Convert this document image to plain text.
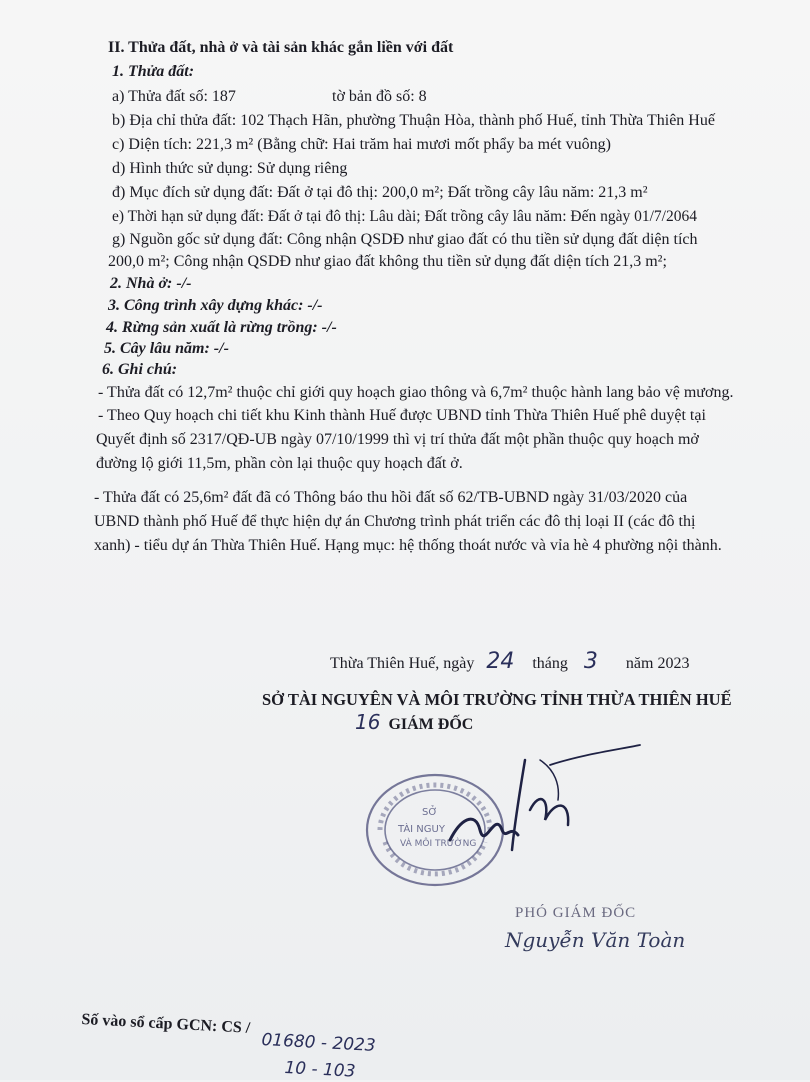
II. Thửa đất, nhà ở và tài sản khác gắn liền với đất
1. Thửa đất:
a) Thửa đất số: 187	tờ bản đồ số: 8
b) Địa chỉ thửa đất: 102 Thạch Hãn, phường Thuận Hòa, thành phố Huế, tỉnh Thừa Thiên Huế
c) Diện tích: 221,3 m² (Bằng chữ: Hai trăm hai mươi mốt phẩy ba mét vuông)
d) Hình thức sử dụng: Sử dụng riêng
đ) Mục đích sử dụng đất: Đất ở tại đô thị: 200,0 m²; Đất trồng cây lâu năm: 21,3 m²
e) Thời hạn sử dụng đất: Đất ở tại đô thị: Lâu dài; Đất trồng cây lâu năm: Đến ngày 01/7/2064
g) Nguồn gốc sử dụng đất: Công nhận QSDĐ như giao đất có thu tiền sử dụng đất diện tích
200,0 m²; Công nhận QSDĐ như giao đất không thu tiền sử dụng đất diện tích 21,3 m²;
2. Nhà ở: -/-
3. Công trình xây dựng khác: -/-
4. Rừng sản xuất là rừng trồng: -/-
5. Cây lâu năm: -/-
6. Ghi chú:
- Thửa đất có 12,7m² thuộc chỉ giới quy hoạch giao thông và 6,7m² thuộc hành lang bảo vệ mương.
- Theo Quy hoạch chi tiết khu Kinh thành Huế được UBND tỉnh Thừa Thiên Huế phê duyệt tại
Quyết định số 2317/QĐ-UB ngày 07/10/1999 thì vị trí thửa đất một phần thuộc quy hoạch mở
đường lộ giới 11,5m, phần còn lại thuộc quy hoạch đất ở.
- Thửa đất có 25,6m² đất đã có Thông báo thu hồi đất số 62/TB-UBND ngày 31/03/2020 của
UBND thành phố Huế để thực hiện dự án Chương trình phát triển các đô thị loại II (các đô thị
xanh) - tiểu dự án Thừa Thiên Huế. Hạng mục: hệ thống thoát nước và vỉa hè 4 phường nội thành.
Thừa Thiên Huế, ngày 24 tháng 3 năm 2023
SỞ TÀI NGUYÊN VÀ MÔI TRƯỜNG TỈNH THỪA THIÊN HUẾ
16 GIÁM ĐỐC
SỞ
TÀI NGUY
VÀ MÔI TRƯỜNG
PHÓ GIÁM ĐỐC
Nguyễn Văn Toàn
Số vào sổ cấp GCN: CS /
01680 - 2023
10 - 103
